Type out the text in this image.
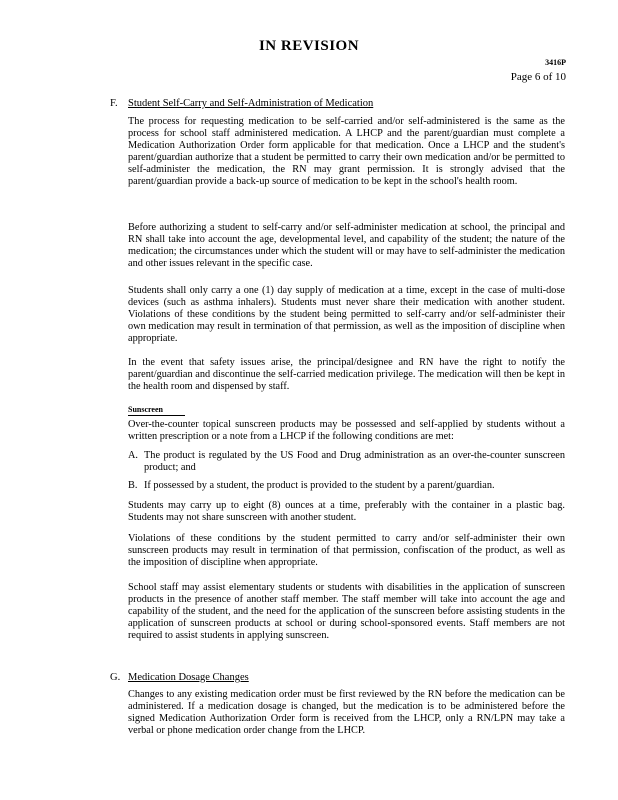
IN REVISION
3416P
Page 6 of 10
F. Student Self-Carry and Self-Administration of Medication
The process for requesting medication to be self-carried and/or self-administered is the same as the process for school staff administered medication. A LHCP and the parent/guardian must complete a Medication Authorization Order form applicable for that medication. Once a LHCP and the student's parent/guardian authorize that a student be permitted to carry their own medication and/or be permitted to self-administer the medication, the RN may grant permission. It is strongly advised that the parent/guardian provide a back-up source of medication to be kept in the school's health room.
Before authorizing a student to self-carry and/or self-administer medication at school, the principal and RN shall take into account the age, developmental level, and capability of the student; the nature of the medication; the circumstances under which the student will or may have to self-administer the medication and other issues relevant in the specific case.
Students shall only carry a one (1) day supply of medication at a time, except in the case of multi-dose devices (such as asthma inhalers). Students must never share their medication with another student. Violations of these conditions by the student being permitted to self-carry and/or self-administer their own medication may result in termination of that permission, as well as the imposition of discipline when appropriate.
In the event that safety issues arise, the principal/designee and RN have the right to notify the parent/guardian and discontinue the self-carried medication privilege. The medication will then be kept in the health room and dispensed by staff.
Sunscreen
Over-the-counter topical sunscreen products may be possessed and self-applied by students without a written prescription or a note from a LHCP if the following conditions are met:
A. The product is regulated by the US Food and Drug administration as an over-the-counter sunscreen product; and
B. If possessed by a student, the product is provided to the student by a parent/guardian.
Students may carry up to eight (8) ounces at a time, preferably with the container in a plastic bag. Students may not share sunscreen with another student.
Violations of these conditions by the student permitted to carry and/or self-administer their own sunscreen products may result in termination of that permission, confiscation of the product, as well as the imposition of discipline when appropriate.
School staff may assist elementary students or students with disabilities in the application of sunscreen products in the presence of another staff member. The staff member will take into account the age and capability of the student, and the need for the application of the sunscreen before assisting students in the application of sunscreen products at school or during school-sponsored events. Staff members are not required to assist students in applying sunscreen.
G. Medication Dosage Changes
Changes to any existing medication order must be first reviewed by the RN before the medication can be administered. If a medication dosage is changed, but the medication is to be administered before the signed Medication Authorization Order form is received from the LHCP, only a RN/LPN may take a verbal or phone medication order change from the LHCP.
